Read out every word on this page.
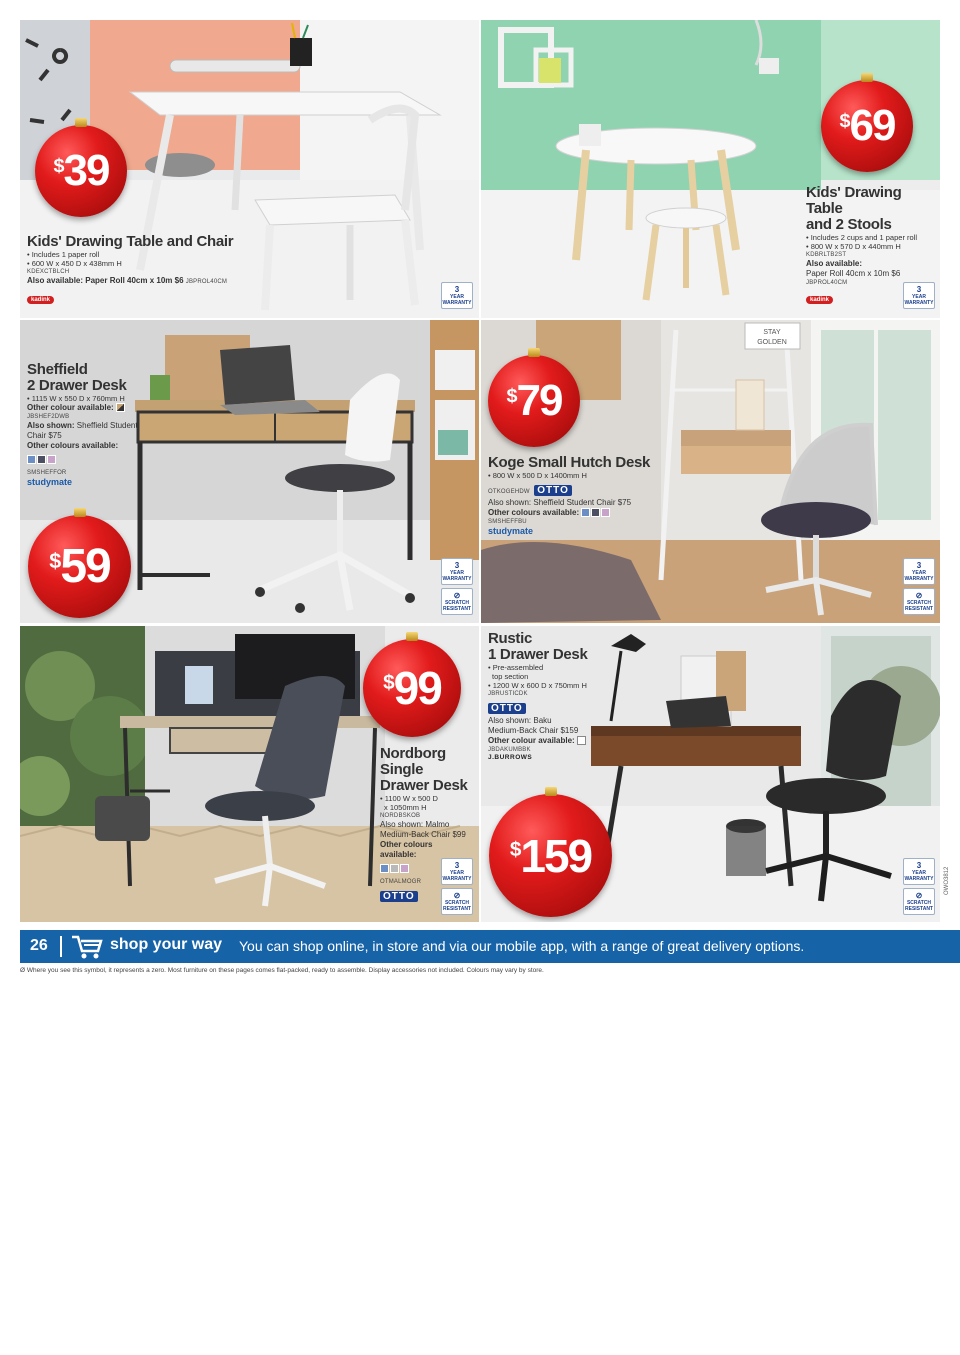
$ 39
Kids' Drawing Table and Chair
• Includes 1 paper roll
• 600 W x 450 D x 438mm H
KDEXCTBLCH
Also available: Paper Roll 40cm x 10m $6 JBPROL40CM
kadink
3
YEAR WARRANTY
$ 69
Kids' Drawing Table
and 2 Stools
• Includes 2 cups and 1 paper roll
• 800 W x 570 D x 440mm H
KDBRLTB2ST
Also available:
Paper Roll 40cm x 10m $6
JBPROL40CM
kadink
3
YEAR WARRANTY
Sheffield
2 Drawer Desk
• 1115 W x 550 D x 760mm H
Other colour available:
JBSHEF2DWB
Also shown: Sheffield Student Chair $75
Other colours available:
SMSHEFFOR
studymate
$ 59	3
YEAR WARRANTY
⊘
SCRATCH RESISTANT
STAY
GOLDEN
$ 79
Koge Small Hutch Desk
• 800 W x 500 D x 1400mm H
OTKOGEHDW OTTO
Also shown: Sheffield Student Chair $75
Other colours available:
SMSHEFFBU
studymate
3
YEAR WARRANTY
⊘
SCRATCH RESISTANT
$ 99
Nordborg
Single
Drawer Desk
• 1100 W x 500 D
x 1050mm H
NORDBSKOB
Also shown: Malmo
Medium-Back Chair $99
Other colours
available:
OTMALMOGR
OTTO
3
YEAR WARRANTY
⊘
SCRATCH RESISTANT
Rustic
1 Drawer Desk
• Pre-assembled
top section
• 1200 W x 600 D x 750mm H
JBRUSTICDK
OTTO
Also shown: Baku
Medium-Back Chair $159
Other colour available:
JBDAKUMBBK
J.BURROWS
$ 159	3
YEAR WARRANTY
⊘
SCRATCH RESISTANT
OWO3812
26	shop your way You can shop online, in store and via our mobile app, with a range of great delivery options.
Ø Where you see this symbol, it represents a zero. Most furniture on these pages comes flat-packed, ready to assemble. Display accessories not included. Colours may vary by store.
